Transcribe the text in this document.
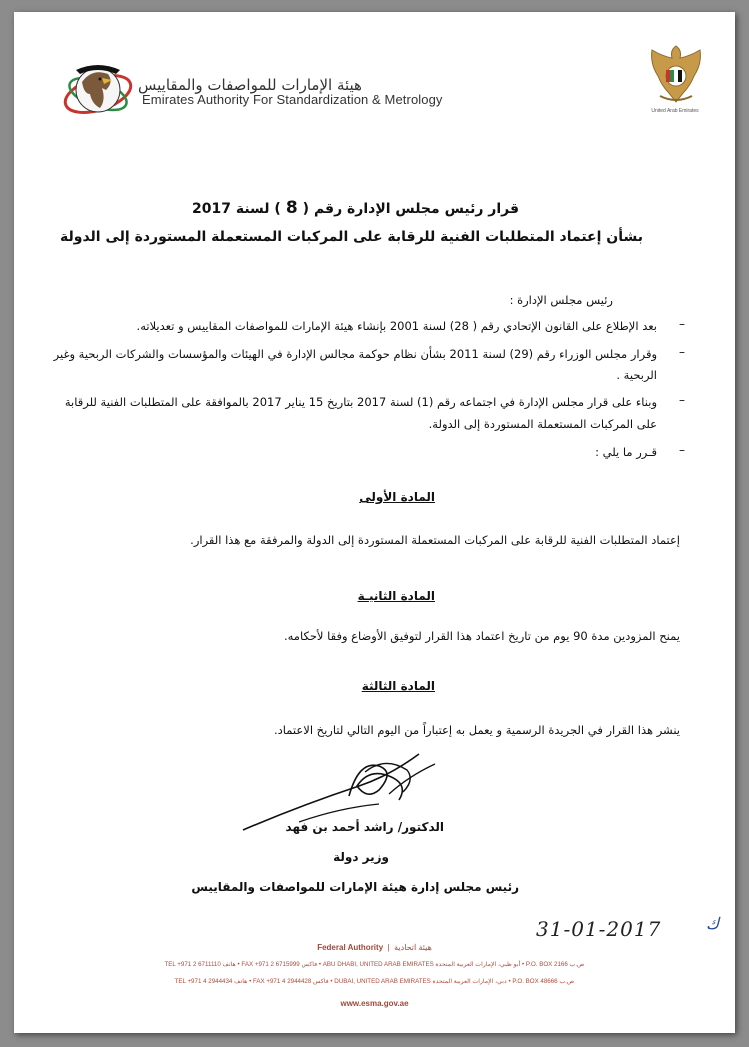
هيئة الإمارات للمواصفات والمقاييس
Emirates Authority For Standardization & Metrology
United Arab Emirates
قرار رئيس مجلس الإدارة رقم (8) لسنة 2017
بشأن إعتماد المتطلبات الفنية للرقابة على المركبات المستعملة المستوردة إلى الدولة
رئيس مجلس الإدارة :
–
بعد الإطلاع على القانون الإتحادي رقم ( 28) لسنة 2001 بإنشاء هيئة الإمارات للمواصفات المقاييس و تعديلاته.
–
وقرار مجلس الوزراء رقم (29) لسنة 2011 بشأن نظام حوكمة مجالس الإدارة في الهيئات والمؤسسات والشركات الربحية وغير
الربحية .
–
وبناء على قرار مجلس الإدارة في اجتماعه رقم (1) لسنة 2017 بتاريخ 15 يناير 2017 بالموافقة على المتطلبات الفنية للرقابة
على المركبات المستعملة المستوردة إلى الدولة.
–
قـرر ما يلي :
المادة الأولى
إعتماد المتطلبات الفنية للرقابة على المركبات المستعملة المستوردة إلى الدولة والمرفقة مع هذا القرار.
المادة الثانيـة
يمنح المزودين مدة 90 يوم من تاريخ اعتماد هذا القرار لتوفيق الأوضاع وفقا لأحكامه.
المادة الثالثة
ينشر هذا القرار في الجريدة الرسمية و يعمل به إعتباراً من اليوم التالي لتاريخ الاعتماد.
الدكتور/ راشد أحمد بن فهد
وزير دولة
رئيس مجلس إدارة هيئة الإمارات للمواصفات والمقاييس
31-01-2017	ك
Federal Authority  |  هيئة اتحادية
TEL +971 2 6711110 هاتف • FAX +971 2 6715999 فاكس • ABU DHABI, UNITED ARAB EMIRATES أبو ظبي، الإمارات العربية المتحدة • P.O. BOX 2166 ص.ب
TEL +971 4 2944434 هاتف • FAX +971 4 2944428 فاكس • DUBAI, UNITED ARAB EMIRATES دبي، الإمارات العربية المتحدة • P.O. BOX 48666 ص.ب
www.esma.gov.ae
